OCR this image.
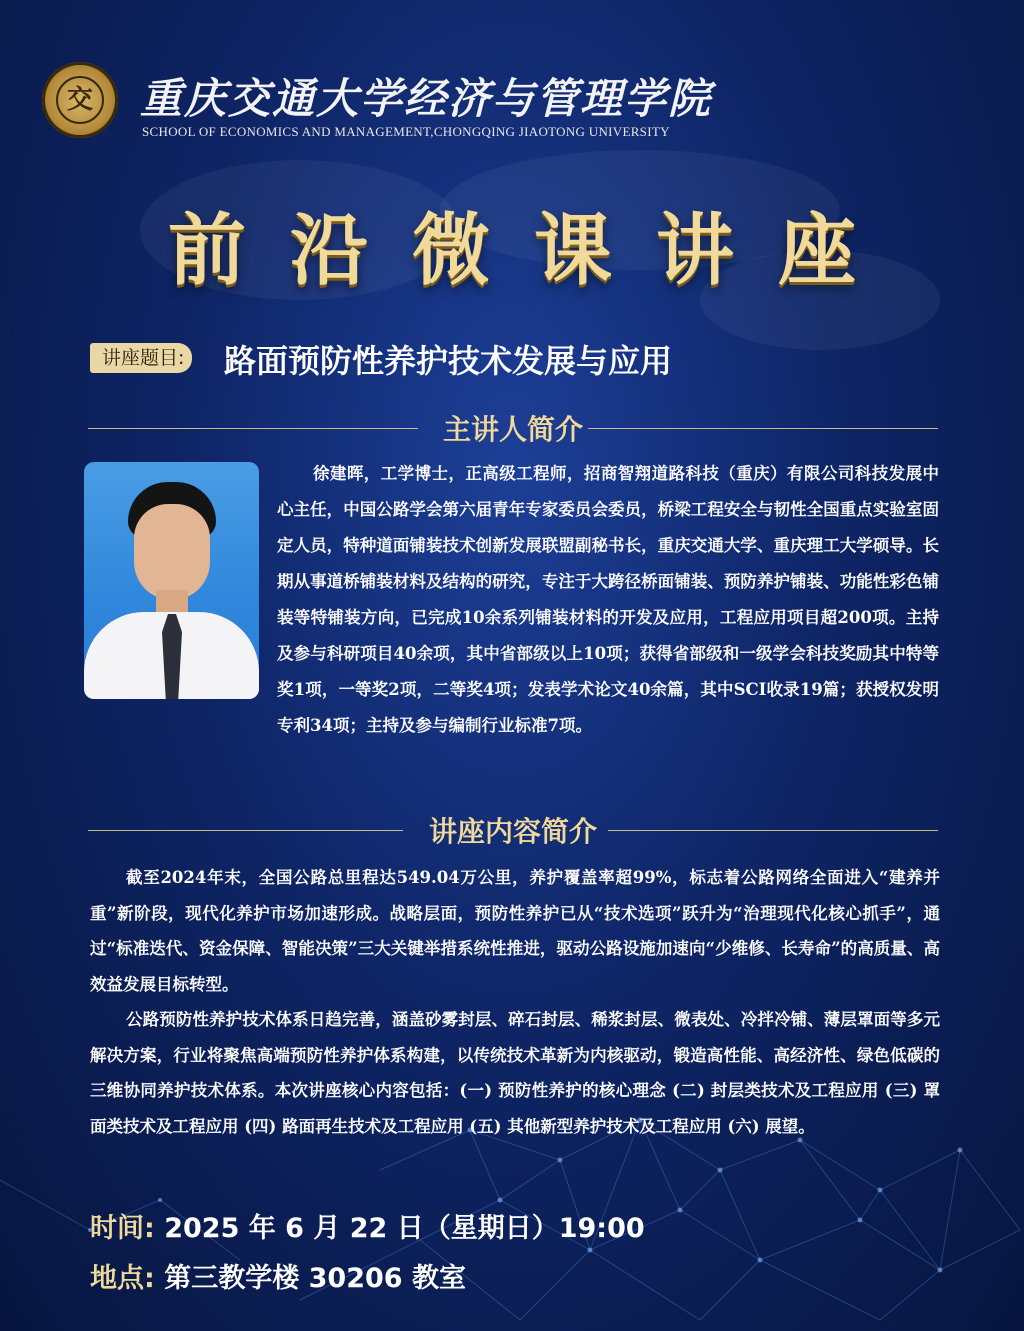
交 重庆交通大学经济与管理学院
SCHOOL OF ECONOMICS AND MANAGEMENT,CHONGQING JIAOTONG UNIVERSITY
前沿微课讲座
讲座题目: 路面预防性养护技术发展与应用
主讲人简介
徐建晖，工学博士，正高级工程师，招商智翔道路科技（重庆）有限公司科技发展中心主任，中国公路学会第六届青年专家委员会委员，桥梁工程安全与韧性全国重点实验室固定人员，特种道面铺装技术创新发展联盟副秘书长，重庆交通大学、重庆理工大学硕导。长期从事道桥铺装材料及结构的研究，专注于大跨径桥面铺装、预防养护铺装、功能性彩色铺装等特铺装方向，已完成10余系列铺装材料的开发及应用，工程应用项目超200项。主持及参与科研项目40余项，其中省部级以上10项；获得省部级和一级学会科技奖励其中特等奖1项，一等奖2项，二等奖4项；发表学术论文40余篇，其中SCI收录19篇；获授权发明专利34项；主持及参与编制行业标准7项。
讲座内容简介

截至2024年末，全国公路总里程达549.04万公里，养护覆盖率超99%，标志着公路网络全面进入“建养并重”新阶段，现代化养护市场加速形成。战略层面，预防性养护已从“技术选项”跃升为“治理现代化核心抓手”，通过“标准迭代、资金保障、智能决策”三大关键举措系统性推进，驱动公路设施加速向“少维修、长寿命”的高质量、高效益发展目标转型。

公路预防性养护技术体系日趋完善，涵盖砂雾封层、碎石封层、稀浆封层、微表处、冷拌冷铺、薄层罩面等多元解决方案，行业将聚焦高端预防性养护体系构建，以传统技术革新为内核驱动，锻造高性能、高经济性、绿色低碳的三维协同养护技术体系。本次讲座核心内容包括：(一) 预防性养护的核心理念 (二) 封层类技术及工程应用 (三) 罩面类技术及工程应用 (四) 路面再生技术及工程应用 (五) 其他新型养护技术及工程应用 (六) 展望。

时间: 2025 年 6 月 22 日（星期日）19:00
地点: 第三教学楼 30206 教室
